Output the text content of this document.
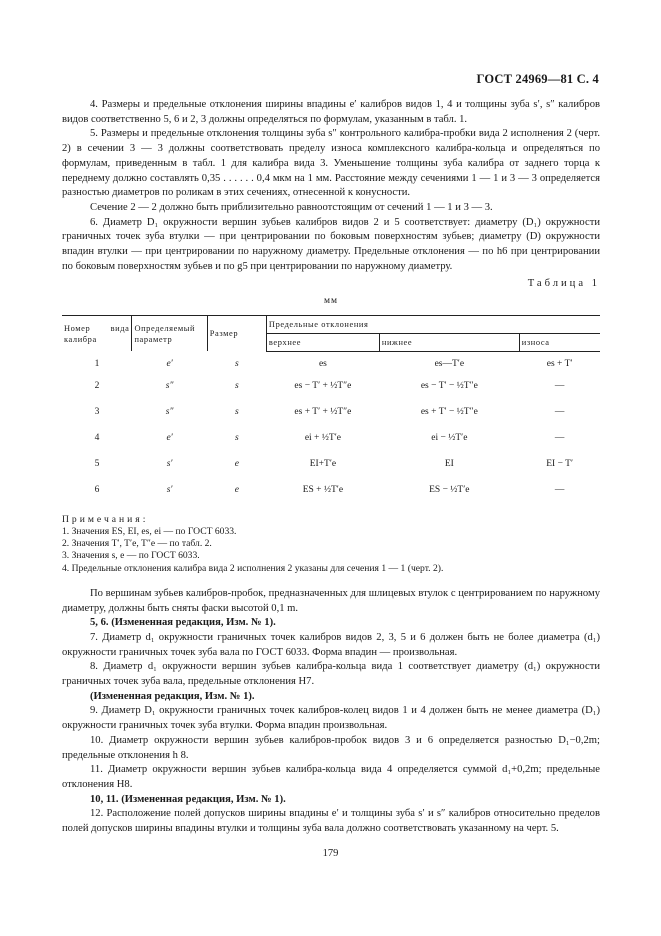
ГОСТ 24969—81 С. 4

4. Размеры и предельные отклонения ширины впадины e′ калибров видов 1, 4 и толщины зуба s′, s″ калибров видов соответственно 5, 6 и 2, 3 должны определяться по формулам, указанным в табл. 1.

5. Размеры и предельные отклонения толщины зуба s″ контрольного калибра-пробки вида 2 исполнения 2 (черт. 2) в сечении 3 — 3 должны соответствовать пределу износа комплексного калибра-кольца и определяться по формулам, приведенным в табл. 1 для калибра вида 3. Уменьшение толщины зуба калибра от заднего торца к переднему должно составлять 0,35 . . . . . . 0,4 мкм на 1 мм. Расстояние между сечениями 1 — 1 и 3 — 3 определяется разностью диаметров по роликам в этих сечениях, отнесенной к конусности.

Сечение 2 — 2 должно быть приблизительно равноотстоящим от сечений 1 — 1 и 3 — 3.

6. Диаметр D₁ окружности вершин зубьев калибров видов 2 и 5 соответствует: диаметру (D₁) окружности граничных точек зуба втулки — при центрировании по боковым поверхностям зубьев; диаметру (D) окружности впадин втулки — при центрировании по наружному диаметру. Предельные отклонения — по h6 при центрировании по боковым поверхностям зубьев и по g5 при центрировании по наружному диаметру.

Таблица 1
мм
Номер вида калибра	Определяемый параметр	Размер	Предельные отклонения		
			верхнее	нижнее	износа
1	e′	s	es	es—T′e	es + T′
2	s″	s	es − T′ + ½T″e	es − T′ − ½T″e	—
3	s″	s	es + T′ + ½T″e	es + T′ − ½T″e	—
4	e′	s	ei + ½T′e	ei − ½T′e	—
5	s′	e	EI+T′e	EI	EI − T′
6	s′	e	ES + ½T′e	ES − ½T′e	—
Примечания:
1. Значения ES, EI, es, ei — по ГОСТ 6033.
2. Значения T′, T′e, T″e — по табл. 2.
3. Значения s, e — по ГОСТ 6033.
4. Предельные отклонения калибра вида 2 исполнения 2 указаны для сечения 1 — 1 (черт. 2).

По вершинам зубьев калибров-пробок, предназначенных для шлицевых втулок с центрированием по наружному диаметру, должны быть сняты фаски высотой 0,1 m.

5, 6. (Измененная редакция, Изм. № 1).

7. Диаметр d₁ окружности граничных точек калибров видов 2, 3, 5 и 6 должен быть не более диаметра (d₁) окружности граничных точек зуба вала по ГОСТ 6033. Форма впадин — произвольная.

8. Диаметр d₁ окружности вершин зубьев калибра-кольца вида 1 соответствует диаметру (d₁) окружности граничных точек зуба вала, предельные отклонения H7.

(Измененная редакция, Изм. № 1).

9. Диаметр D₁ окружности граничных точек калибров-колец видов 1 и 4 должен быть не менее диаметра (D₁) окружности граничных точек зуба втулки. Форма впадин произвольная.

10. Диаметр окружности вершин зубьев калибров-пробок видов 3 и 6 определяется разностью D₁−0,2m; предельные отклонения h 8.

11. Диаметр окружности вершин зубьев калибра-кольца вида 4 определяется суммой d₁+0,2m; предельные отклонения H8.

10, 11. (Измененная редакция, Изм. № 1).

12. Расположение полей допусков ширины впадины e′ и толщины зуба s′ и s″ калибров относительно пределов полей допусков ширины впадины втулки и толщины зуба вала должно соответствовать указанному на черт. 5.

179
